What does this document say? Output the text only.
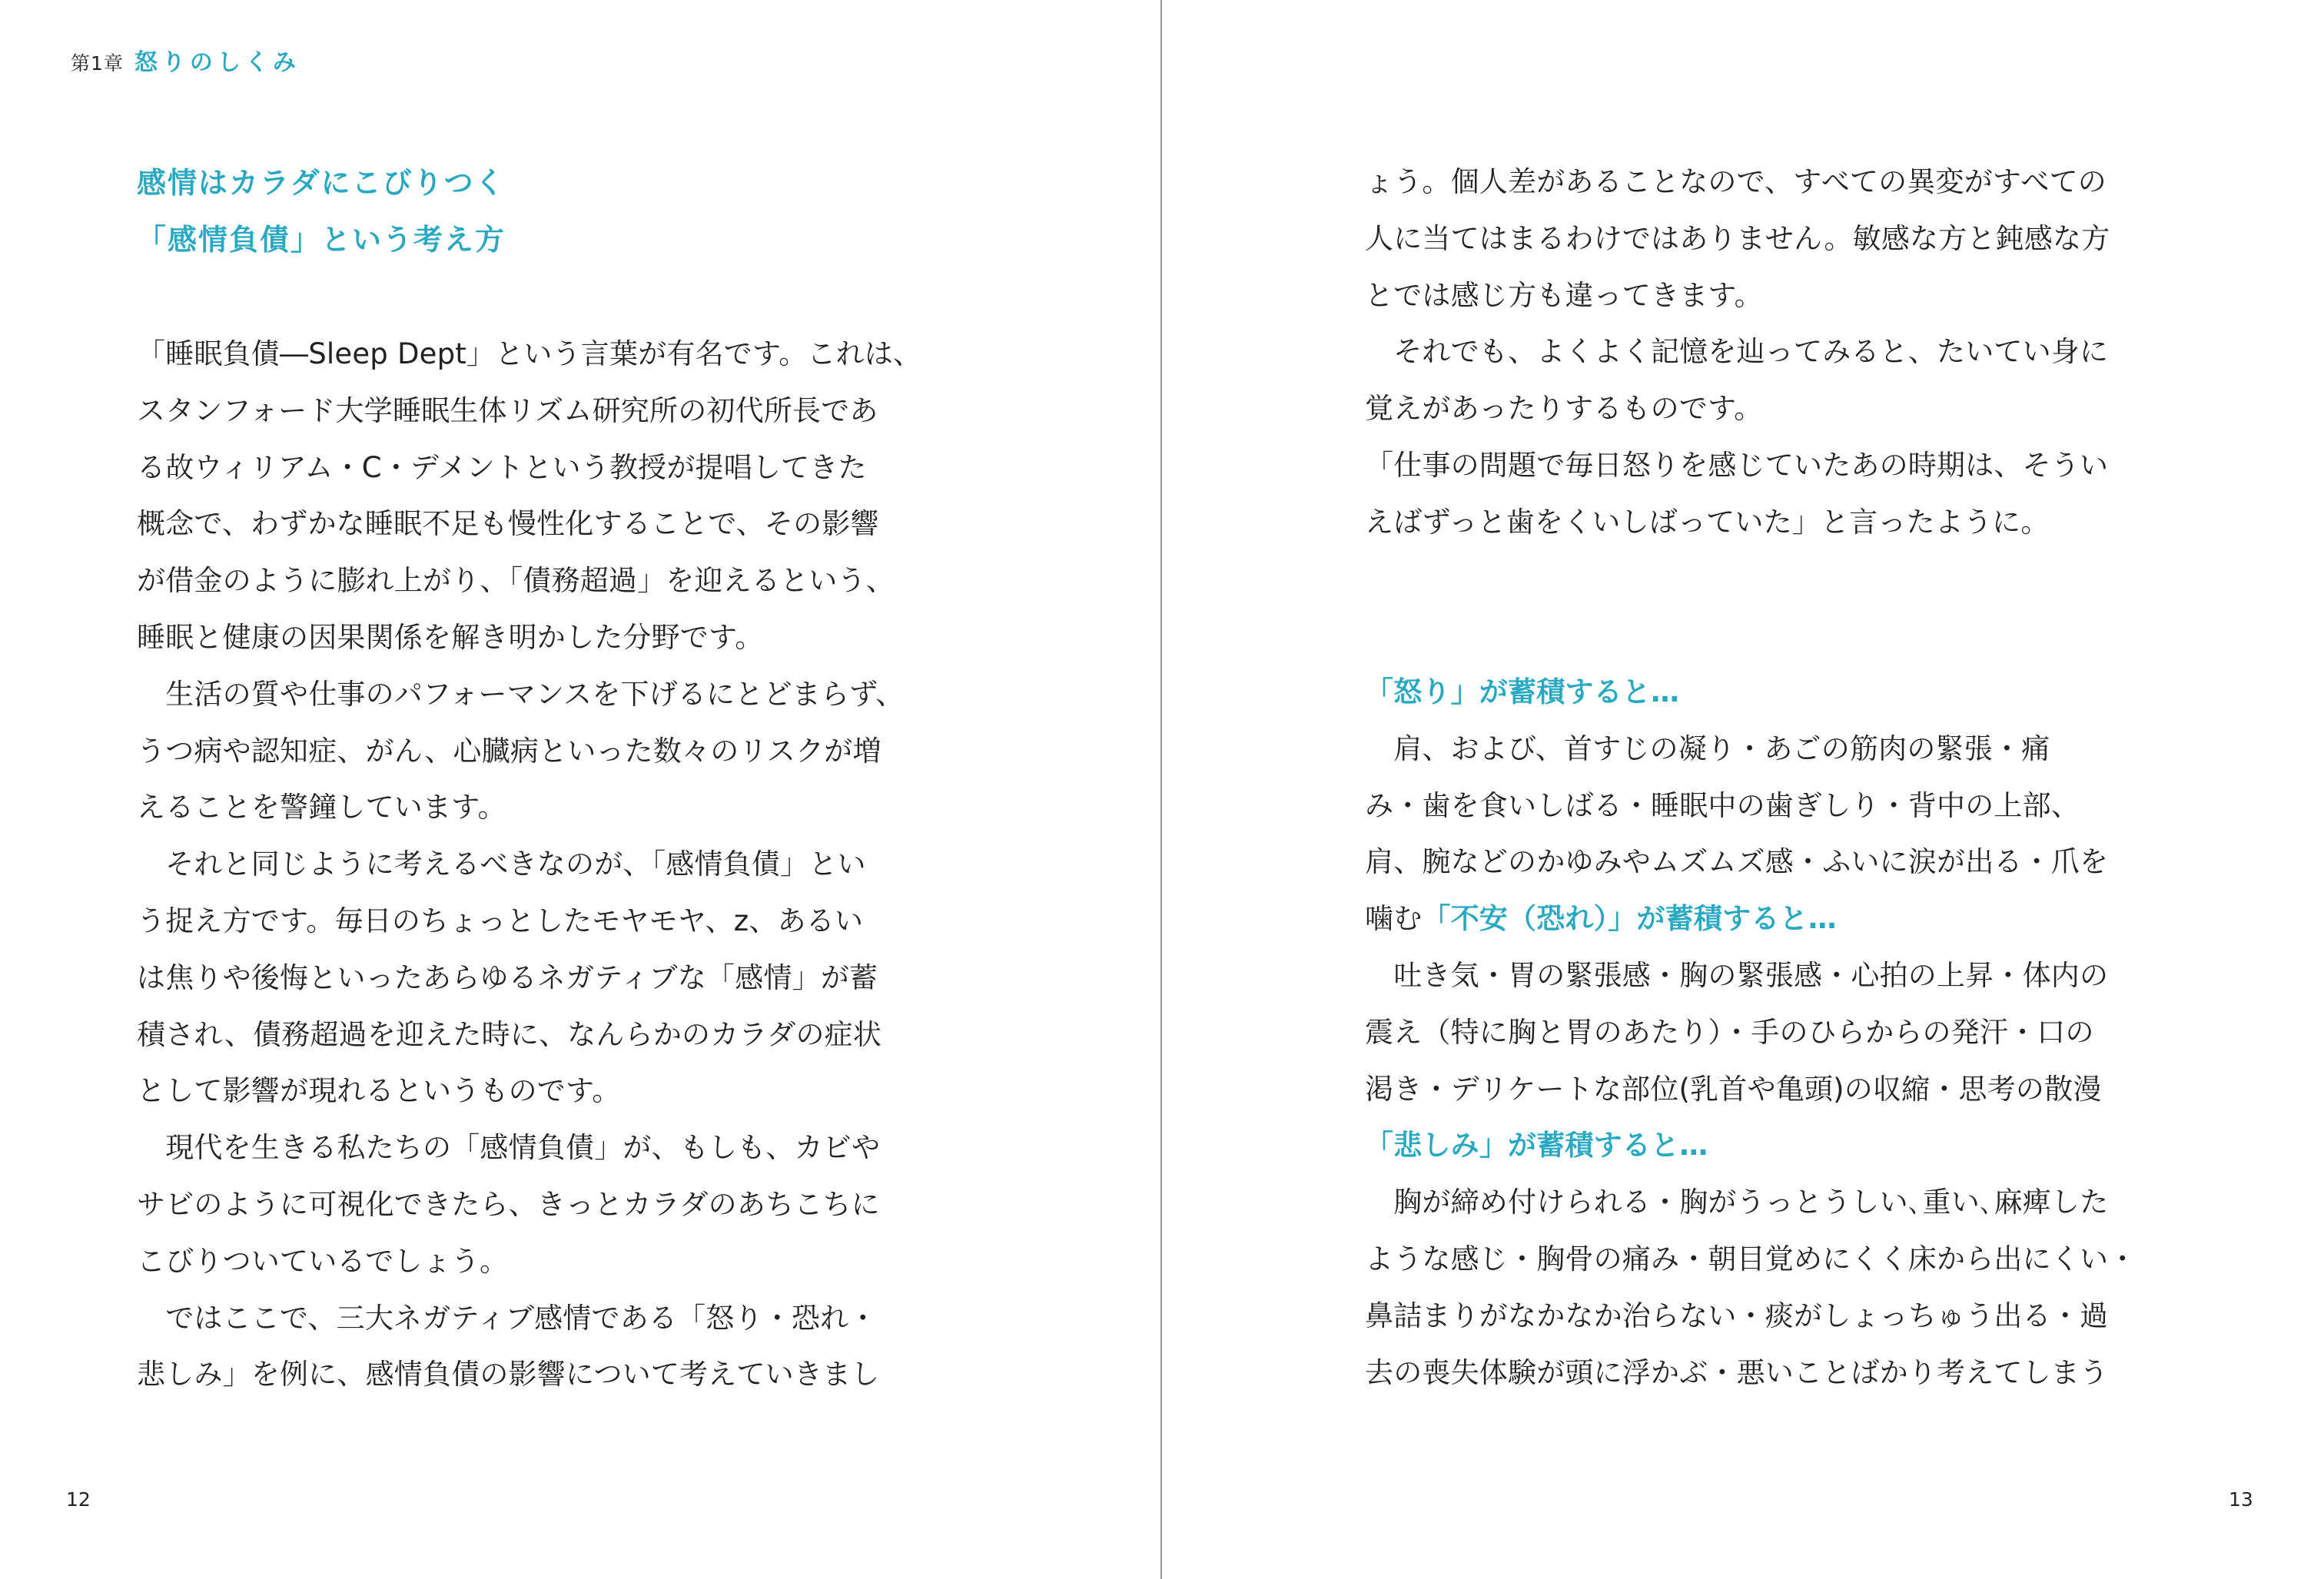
第1章 怒りのしくみ
感情はカラダにこびりつく
「感情負債」という考え方
「睡眠負債―Sleep Dept」という言葉が有名です。これは、
スタンフォード大学睡眠生体リズム研究所の初代所長であ
る故ウィリアム・C・デメントという教授が提唱してきた
概念で、わずかな睡眠不足も慢性化することで、その影響
が借金のように膨れ上がり、「債務超過」を迎えるという、
睡眠と健康の因果関係を解き明かした分野です。
　生活の質や仕事のパフォーマンスを下げるにとどまらず、
うつ病や認知症、がん、心臓病といった数々のリスクが増
えることを警鐘しています。
　それと同じように考えるべきなのが、「感情負債」とい
う捉え方です。毎日のちょっとしたモヤモヤ、z、あるい
は焦りや後悔といったあらゆるネガティブな「感情」が蓄
積され、債務超過を迎えた時に、なんらかのカラダの症状
として影響が現れるというものです。
　現代を生きる私たちの「感情負債」が、もしも、カビや
サビのように可視化できたら、きっとカラダのあちこちに
こびりついているでしょう。
　ではここで、三大ネガティブ感情である「怒り・恐れ・
悲しみ」を例に、感情負債の影響について考えていきまし
12
ょう。個人差があることなので、すべての異変がすべての
人に当てはまるわけではありません。敏感な方と鈍感な方
とでは感じ方も違ってきます。
　それでも、よくよく記憶を辿ってみると、たいてい身に
覚えがあったりするものです。
「仕事の問題で毎日怒りを感じていたあの時期は、そうい
えばずっと歯をくいしばっていた」と言ったように。
「怒り」が蓄積すると…
　肩、および、首すじの凝り・あごの筋肉の緊張・痛
み・歯を食いしばる・睡眠中の歯ぎしり・背中の上部、
肩、腕などのかゆみやムズムズ感・ふいに涙が出る・爪を
噛む「不安（恐れ）」が蓄積すると…
　吐き気・胃の緊張感・胸の緊張感・心拍の上昇・体内の
震え（特に胸と胃のあたり）・手のひらからの発汗・口の
渇き・デリケートな部位(乳首や亀頭)の収縮・思考の散漫
「悲しみ」が蓄積すると…
　胸が締め付けられる・胸がうっとうしい､重い､麻痺した
ような感じ・胸骨の痛み・朝目覚めにくく床から出にくい・
鼻詰まりがなかなか治らない・痰がしょっちゅう出る・過
去の喪失体験が頭に浮かぶ・悪いことばかり考えてしまう
13
